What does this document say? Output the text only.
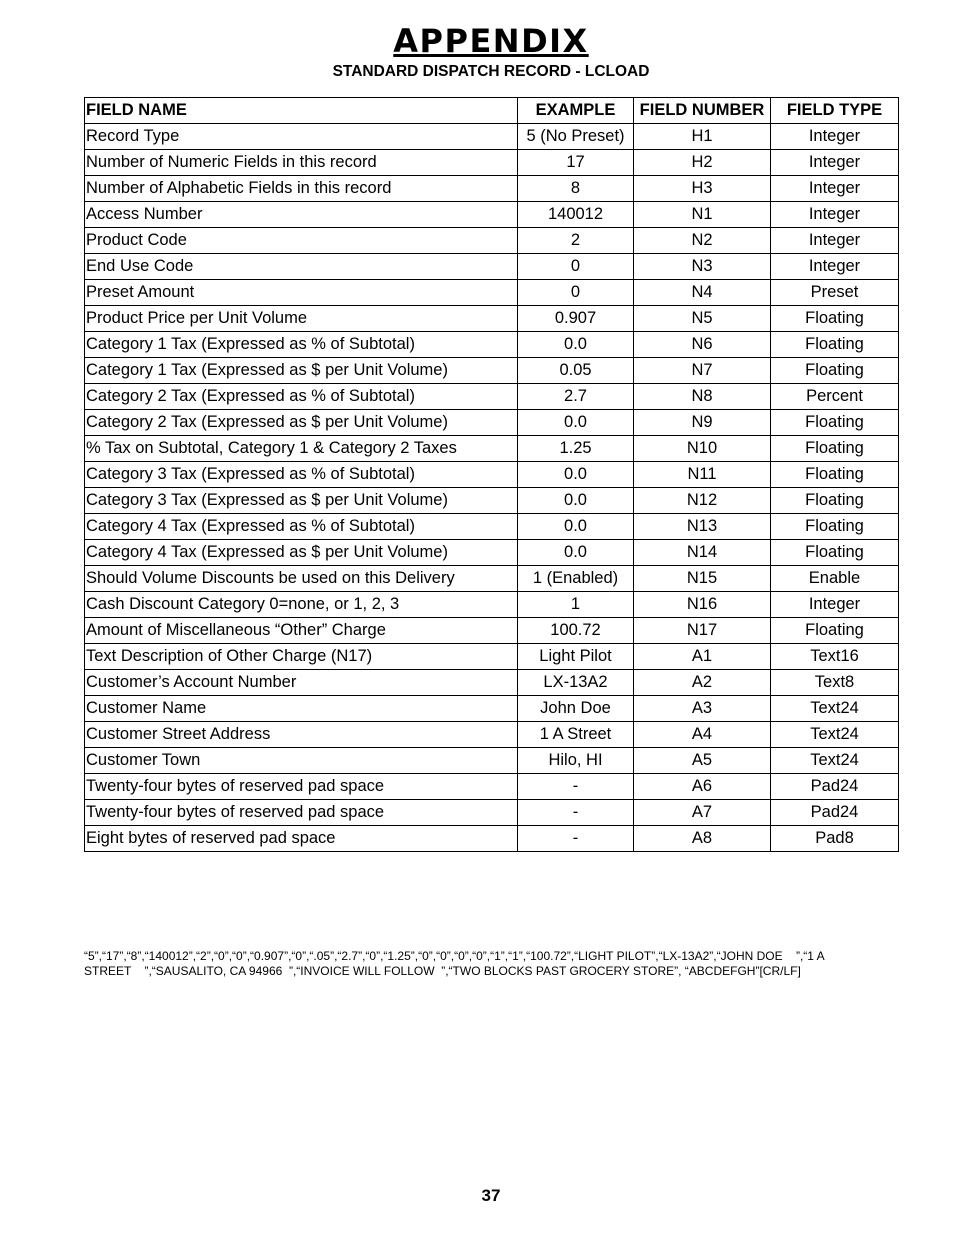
APPENDIX
STANDARD DISPATCH RECORD - LCLOAD
FIELD NAME	EXAMPLE	FIELD NUMBER	FIELD TYPE
Record Type	5 (No Preset)	H1	Integer
Number of Numeric Fields in this record	17	H2	Integer
Number of Alphabetic Fields in this record	8	H3	Integer
Access Number	140012	N1	Integer
Product Code	2	N2	Integer
End Use Code	0	N3	Integer
Preset Amount	0	N4	Preset
Product Price per Unit Volume	0.907	N5	Floating
Category 1 Tax (Expressed as % of Subtotal)	0.0	N6	Floating
Category 1 Tax (Expressed as $ per Unit Volume)	0.05	N7	Floating
Category 2 Tax (Expressed as % of Subtotal)	2.7	N8	Percent
Category 2 Tax (Expressed as $ per Unit Volume)	0.0	N9	Floating
% Tax on Subtotal, Category 1 & Category 2 Taxes	1.25	N10	Floating
Category 3 Tax (Expressed as % of Subtotal)	0.0	N11	Floating
Category 3 Tax (Expressed as $ per Unit Volume)	0.0	N12	Floating
Category 4 Tax (Expressed as % of Subtotal)	0.0	N13	Floating
Category 4 Tax (Expressed as $ per Unit Volume)	0.0	N14	Floating
Should Volume Discounts be used on this Delivery	1 (Enabled)	N15	Enable
Cash Discount Category 0=none, or 1, 2, 3	1	N16	Integer
Amount of Miscellaneous “Other” Charge	100.72	N17	Floating
Text Description of Other Charge (N17)	Light Pilot	A1	Text16
Customer’s Account Number	LX-13A2	A2	Text8
Customer Name	John Doe	A3	Text24
Customer Street Address	1 A Street	A4	Text24
Customer Town	Hilo, HI	A5	Text24
Twenty-four bytes of reserved pad space	-	A6	Pad24
Twenty-four bytes of reserved pad space	-	A7	Pad24
Eight bytes of reserved pad space	-	A8	Pad8
“5”,“17”,“8”,“140012”,“2”,“0”,“0”,“0.907”,“0”,“.05”,“2.7”,“0”,“1.25”,“0”,“0”,“0”,“0”,“1”,“1”,“100.72”,“LIGHT PILOT”,“LX-13A2”,“JOHN DOE    ”,“1 A
STREET    ”,“SAUSALITO, CA 94966  ”,“INVOICE WILL FOLLOW  ”,“TWO BLOCKS PAST GROCERY STORE”, “ABCDEFGH”[CR/LF]
37
